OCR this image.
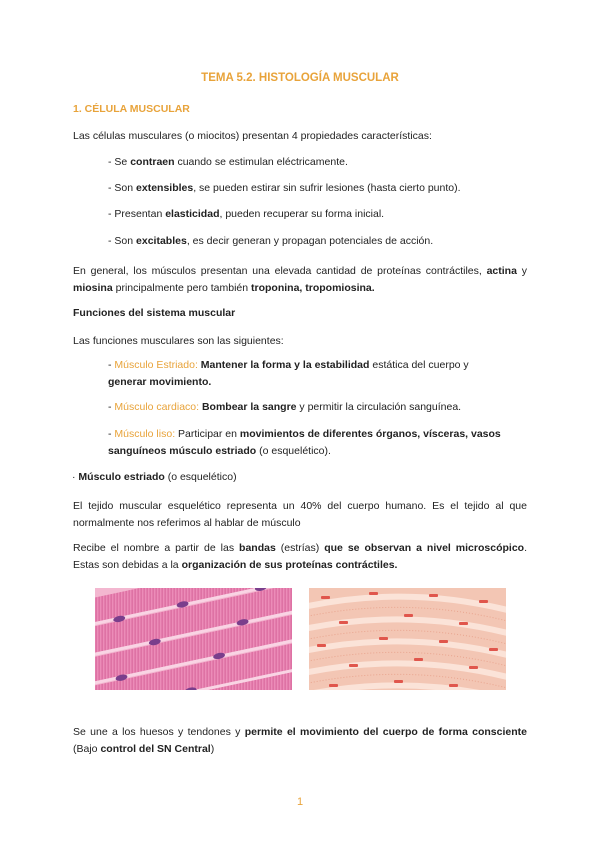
TEMA 5.2. HISTOLOGÍA MUSCULAR
1. CÉLULA MUSCULAR
Las células musculares (o miocitos) presentan 4 propiedades características:
- Se contraen cuando se estimulan eléctricamente.
- Son extensibles, se pueden estirar sin sufrir lesiones (hasta cierto punto).
- Presentan elasticidad, pueden recuperar su forma inicial.
- Son excitables, es decir generan y propagan potenciales de acción.
En general, los músculos presentan una elevada cantidad de proteínas contráctiles, actina y miosina principalmente pero también troponina, tropomiosina.
Funciones del sistema muscular
Las funciones musculares son las siguientes:
- Músculo Estriado: Mantener la forma y la estabilidad estática del cuerpo y generar movimiento.
- Músculo cardiaco: Bombear la sangre y permitir la circulación sanguínea.
- Músculo liso: Participar en movimientos de diferentes órganos, vísceras, vasos sanguíneos músculo estriado (o esquelético).
· Músculo estriado (o esquelético)
El tejido muscular esquelético representa un 40% del cuerpo humano. Es el tejido al que normalmente nos referimos al hablar de músculo
Recibe el nombre a partir de las bandas (estrías) que se observan a nivel microscópico. Estas son debidas a la organización de sus proteínas contráctiles.
Se une a los huesos y tendones y permite el movimiento del cuerpo de forma consciente (Bajo control del SN Central)
1
